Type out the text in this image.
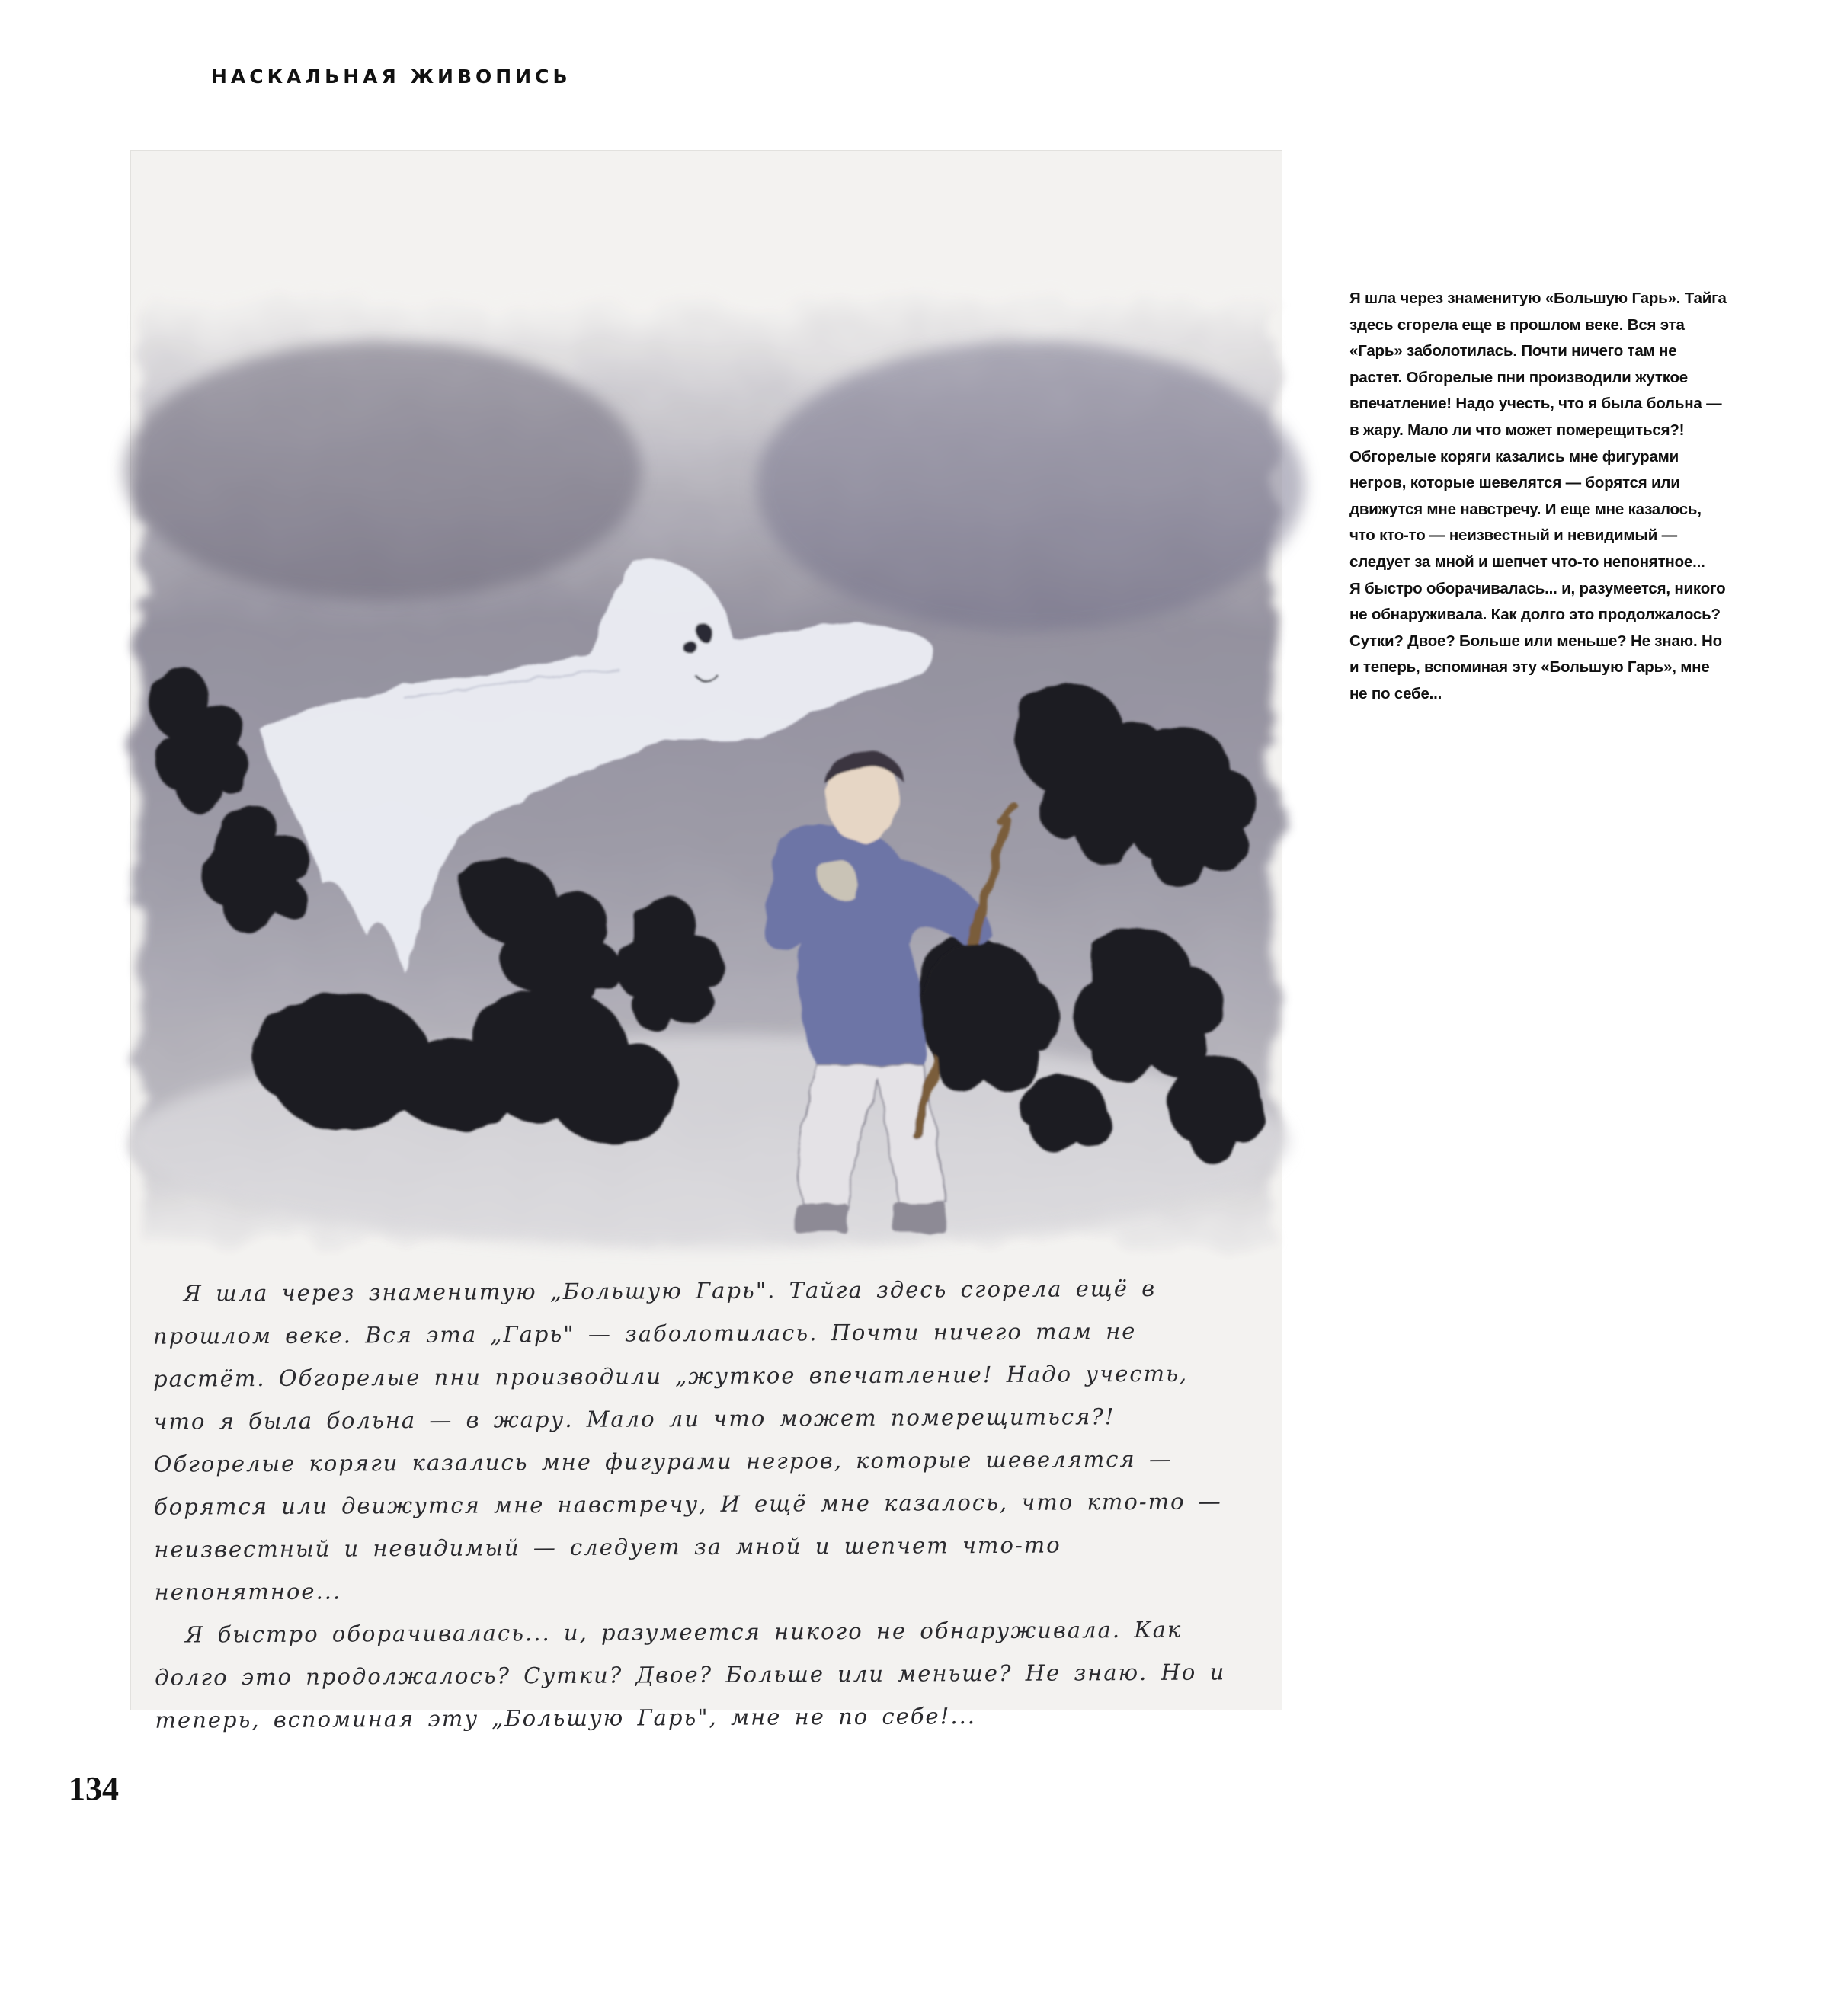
НАСКАЛЬНАЯ ЖИВОПИСЬ

Я шла через знаменитую „Большую Гарь". Тайга здесь сгорела ещё в прошлом веке. Вся эта „Гарь" — заболотилась. Почти ничего там не растёт. Обгорелые пни производили „жуткое впечатление! Надо учесть, что я была больна — в жару. Мало ли что может померещиться?! Обгорелые коряги казались мне фигурами негров, которые шевелятся — борятся или движутся мне навстречу, И ещё мне казалось, что кто-то — неизвестный и невидимый — следует за мной и шепчет что-то непонятное...

Я быстро оборачивалась... и, разумеется никого не обнаруживала. Как долго это продолжалось? Сутки? Двое? Больше или меньше? Не знаю. Но и теперь, вспоминая эту „Большую Гарь", мне не по себе!...

Я шла через знаменитую «Большую Гарь». Тайга здесь сгорела еще в прошлом веке. Вся эта «Гарь» заболотилась. Почти ничего там не растет. Обгорелые пни производили жуткое впечатление! Надо учесть, что я была больна — в жару. Мало ли что может померещиться?! Обгорелые коряги казались мне фигурами негров, которые шевелятся — борятся или движутся мне навстречу. И еще мне казалось, что кто-то — неизвестный и невидимый — следует за мной и шепчет что-то непонятное...

Я быстро оборачивалась... и, разумеется, никого не обнаруживала. Как долго это продолжалось? Сутки? Двое? Больше или меньше? Не знаю. Но и теперь, вспоминая эту «Большую Гарь», мне не по себе...

134
